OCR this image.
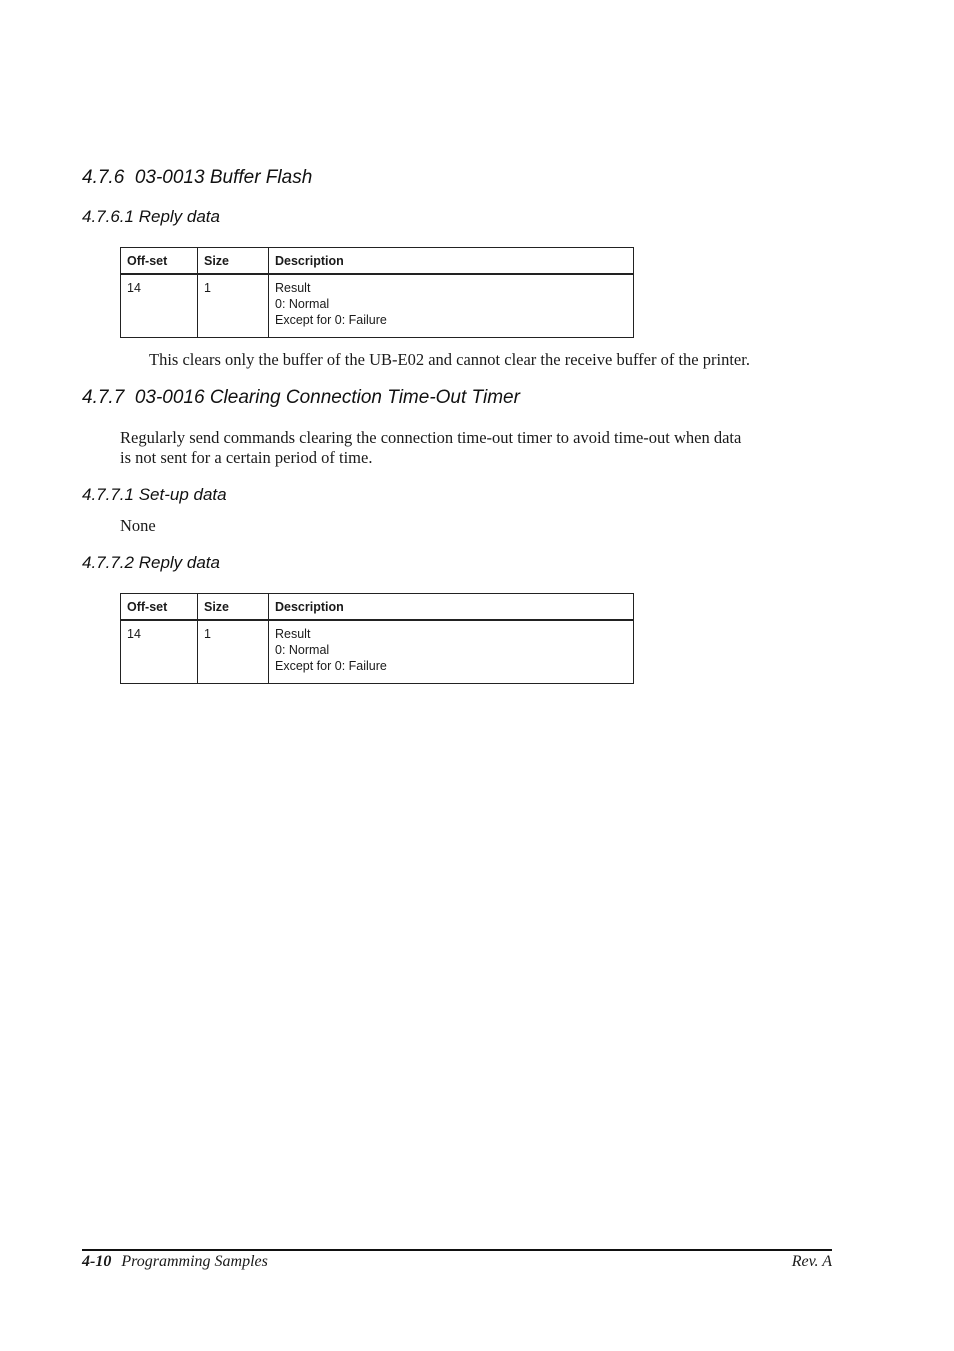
4.7.6 03-0013 Buffer Flash
4.7.6.1 Reply data
Off-set	Size	Description
14	1	Result
0: Normal
Except for 0: Failure

This clears only the buffer of the UB-E02 and cannot clear the receive buffer of the printer.

4.7.7 03-0016 Clearing Connection Time-Out Timer

Regularly send commands clearing the connection time-out timer to avoid time-out when data
is not sent for a certain period of time.

4.7.7.1 Set-up data

None

4.7.7.2 Reply data
Off-set	Size	Description
14	1	Result
0: Normal
Except for 0: Failure
4-10 Programming Samples	Rev. A
